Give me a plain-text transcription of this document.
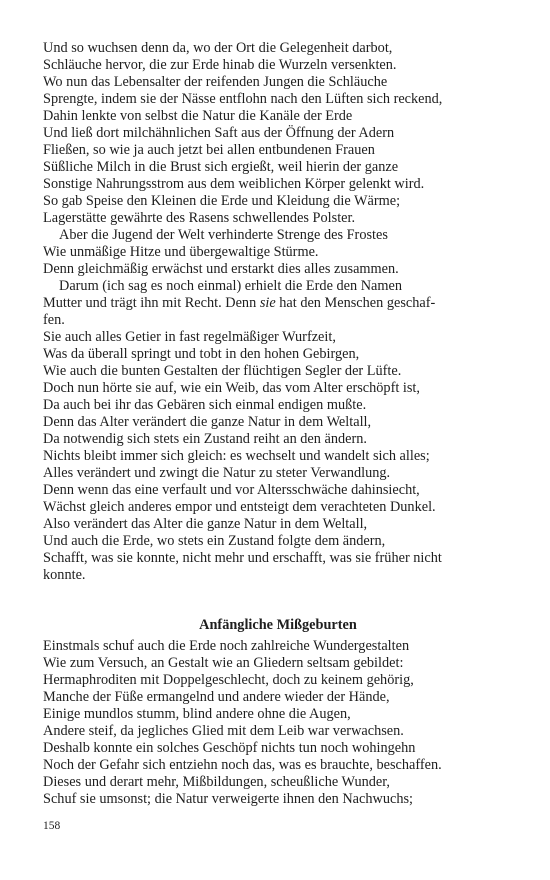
Und so wuchsen denn da, wo der Ort die Gelegenheit darbot,
Schläuche hervor, die zur Erde hinab die Wurzeln versenkten.
Wo nun das Lebensalter der reifenden Jungen die Schläuche
Sprengte, indem sie der Nässe entflohn nach den Lüften sich reckend,
Dahin lenkte von selbst die Natur die Kanäle der Erde
Und ließ dort milchähnlichen Saft aus der Öffnung der Adern
Fließen, so wie ja auch jetzt bei allen entbundenen Frauen
Süßliche Milch in die Brust sich ergießt, weil hierin der ganze
Sonstige Nahrungsstrom aus dem weiblichen Körper gelenkt wird.
So gab Speise den Kleinen die Erde und Kleidung die Wärme;
Lagerstätte gewährte des Rasens schwellendes Polster.
Aber die Jugend der Welt verhinderte Strenge des Frostes
Wie unmäßige Hitze und übergewaltige Stürme.
Denn gleichmäßig erwächst und erstarkt dies alles zusammen.
Darum (ich sag es noch einmal) erhielt die Erde den Namen
Mutter und trägt ihn mit Recht. Denn sie hat den Menschen geschaf-
fen.
Sie auch alles Getier in fast regelmäßiger Wurfzeit,
Was da überall springt und tobt in den hohen Gebirgen,
Wie auch die bunten Gestalten der flüchtigen Segler der Lüfte.
Doch nun hörte sie auf, wie ein Weib, das vom Alter erschöpft ist,
Da auch bei ihr das Gebären sich einmal endigen mußte.
Denn das Alter verändert die ganze Natur in dem Weltall,
Da notwendig sich stets ein Zustand reiht an den ändern.
Nichts bleibt immer sich gleich: es wechselt und wandelt sich alles;
Alles verändert und zwingt die Natur zu steter Verwandlung.
Denn wenn das eine verfault und vor Altersschwäche dahinsiecht,
Wächst gleich anderes empor und entsteigt dem verachteten Dunkel.
Also verändert das Alter die ganze Natur in dem Weltall,
Und auch die Erde, wo stets ein Zustand folgte dem ändern,
Schafft, was sie konnte, nicht mehr und erschafft, was sie früher nicht
konnte.
Anfängliche Mißgeburten
Einstmals schuf auch die Erde noch zahlreiche Wundergestalten
Wie zum Versuch, an Gestalt wie an Gliedern seltsam gebildet:
Hermaphroditen mit Doppelgeschlecht, doch zu keinem gehörig,
Manche der Füße ermangelnd und andere wieder der Hände,
Einige mundlos stumm, blind andere ohne die Augen,
Andere steif, da jegliches Glied mit dem Leib war verwachsen.
Deshalb konnte ein solches Geschöpf nichts tun noch wohingehn
Noch der Gefahr sich entziehn noch das, was es brauchte, beschaffen.
Dieses und derart mehr, Mißbildungen, scheußliche Wunder,
Schuf sie umsonst; die Natur verweigerte ihnen den Nachwuchs;
158
